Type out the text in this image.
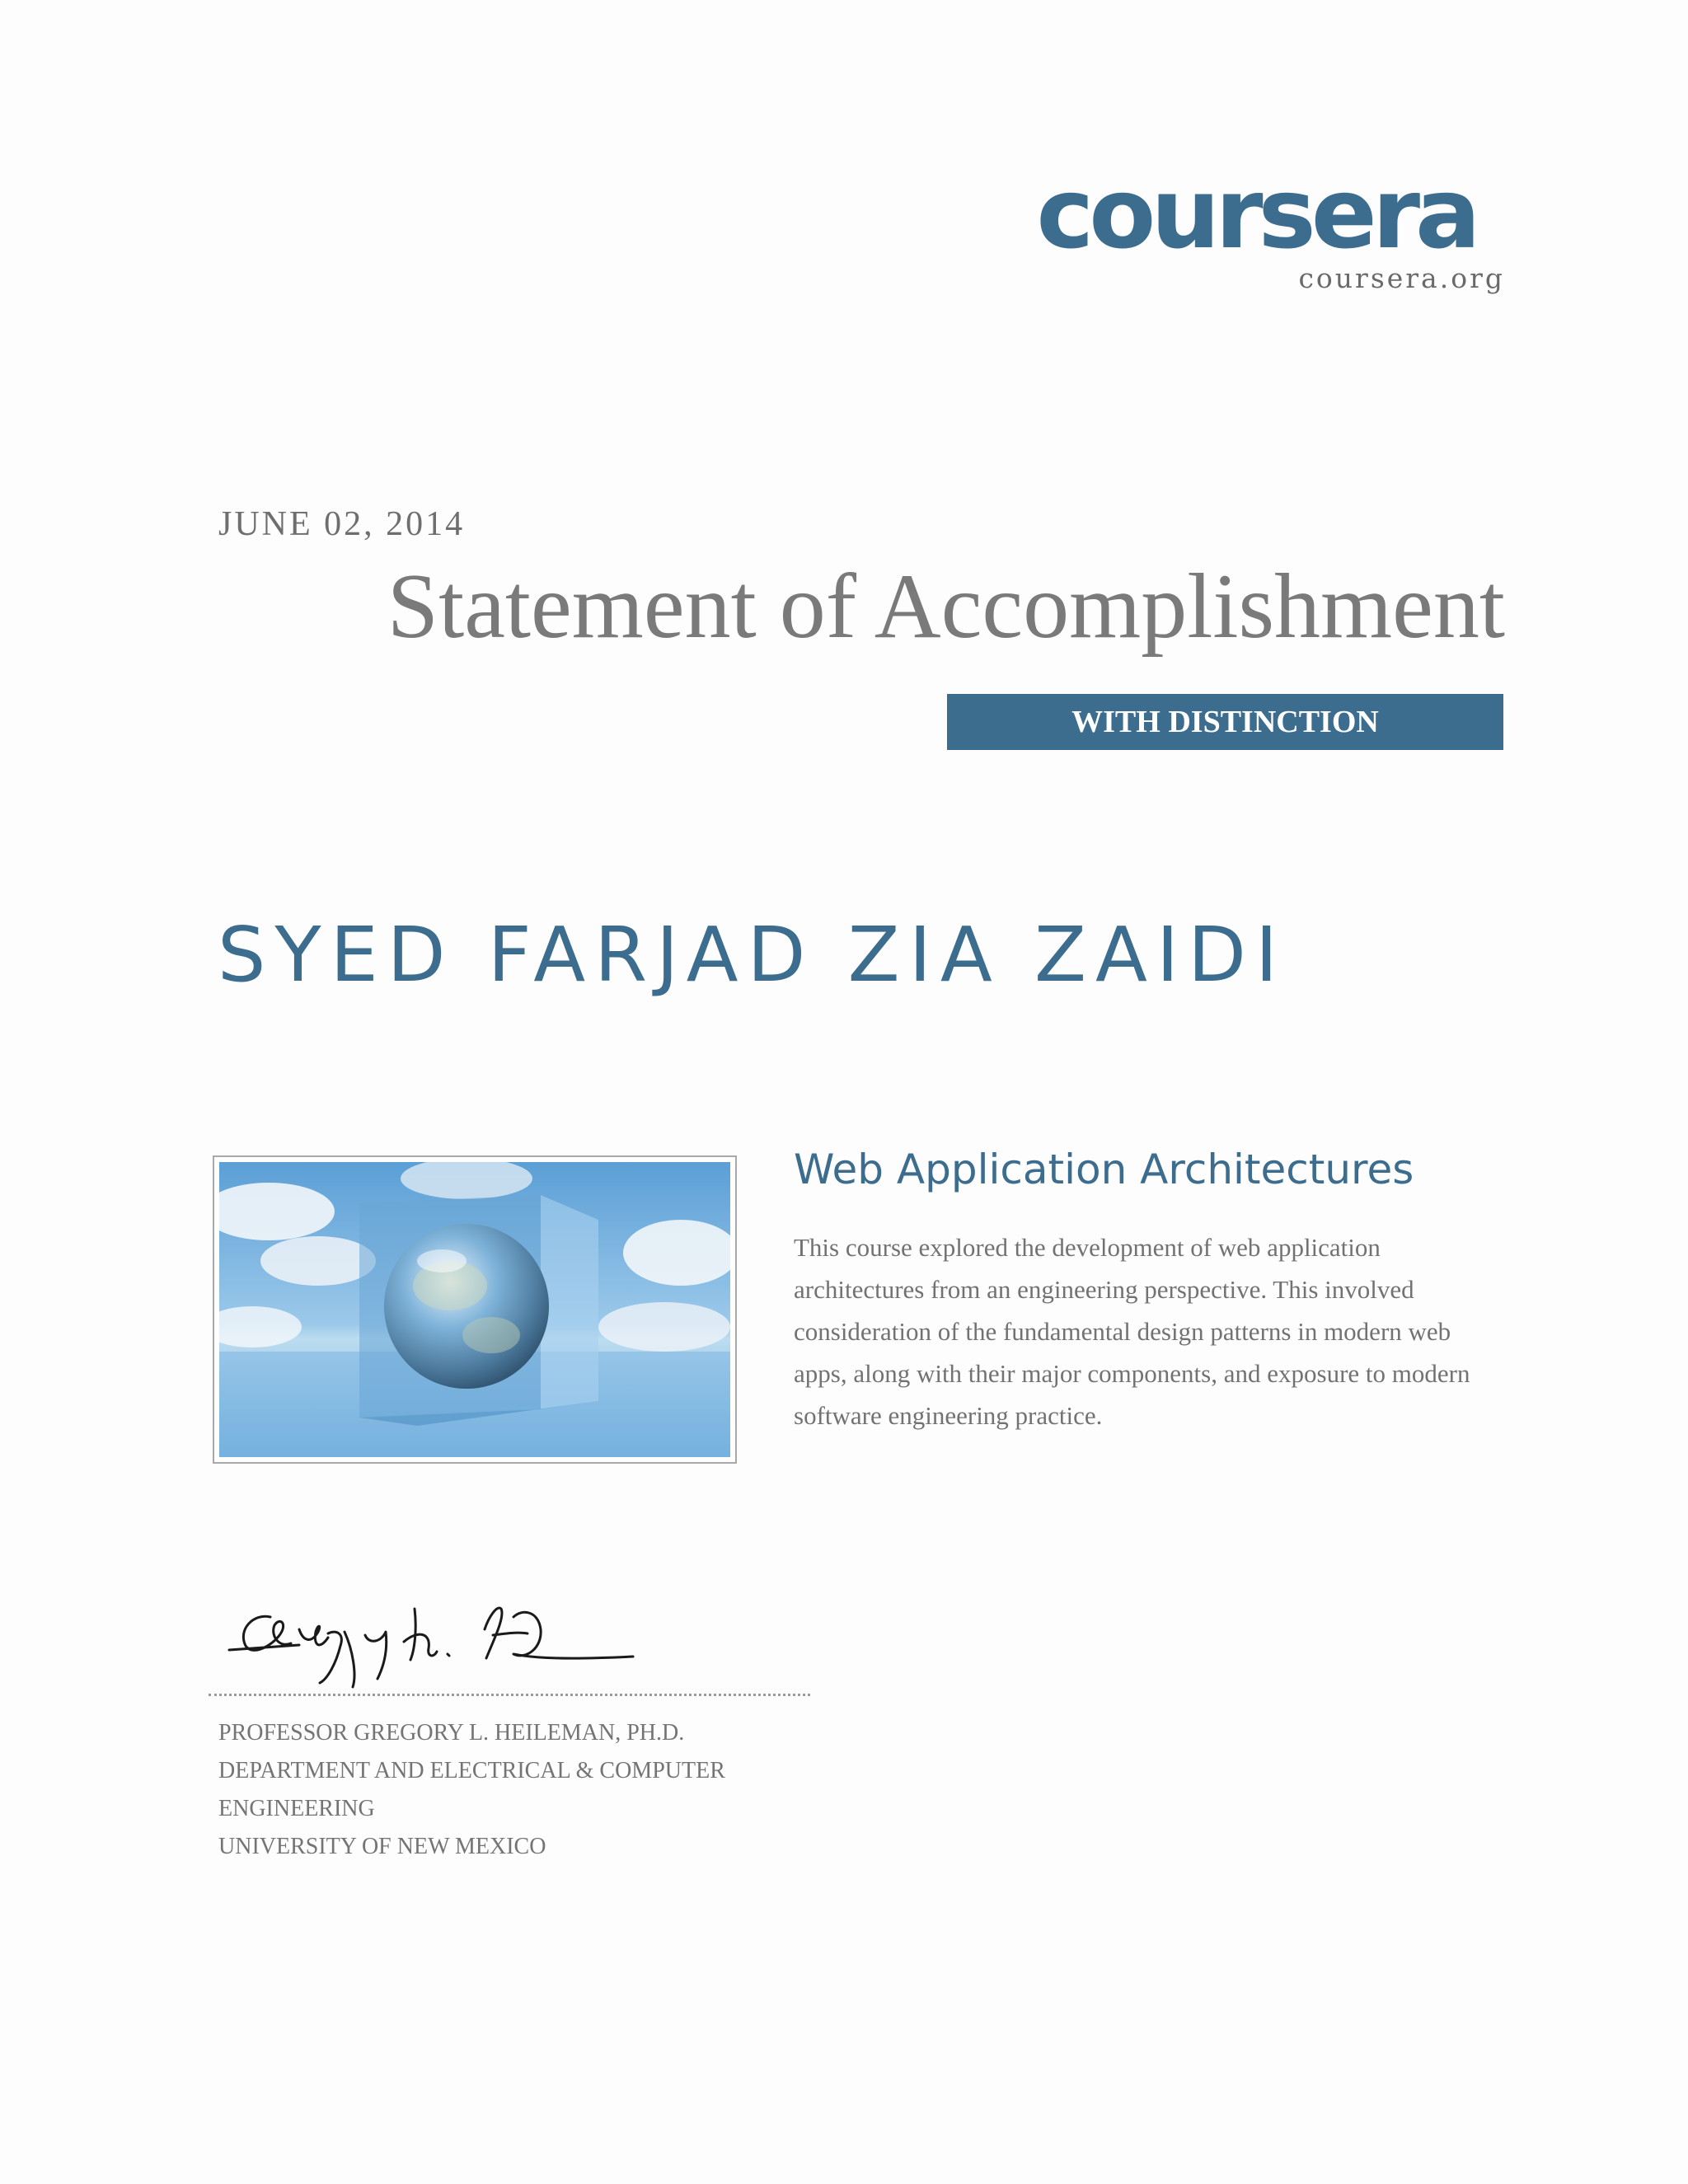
coursera
coursera.org
JUNE 02, 2014
Statement of Accomplishment
WITH DISTINCTION
SYED FARJAD ZIA ZAIDI
Web Application Architectures
This course explored the development of web application architectures from an engineering perspective. This involved consideration of the fundamental design patterns in modern web apps, along with their major components, and exposure to modern software engineering practice.
PROFESSOR GREGORY L. HEILEMAN, PH.D.
DEPARTMENT AND ELECTRICAL & COMPUTER
ENGINEERING
UNIVERSITY OF NEW MEXICO
